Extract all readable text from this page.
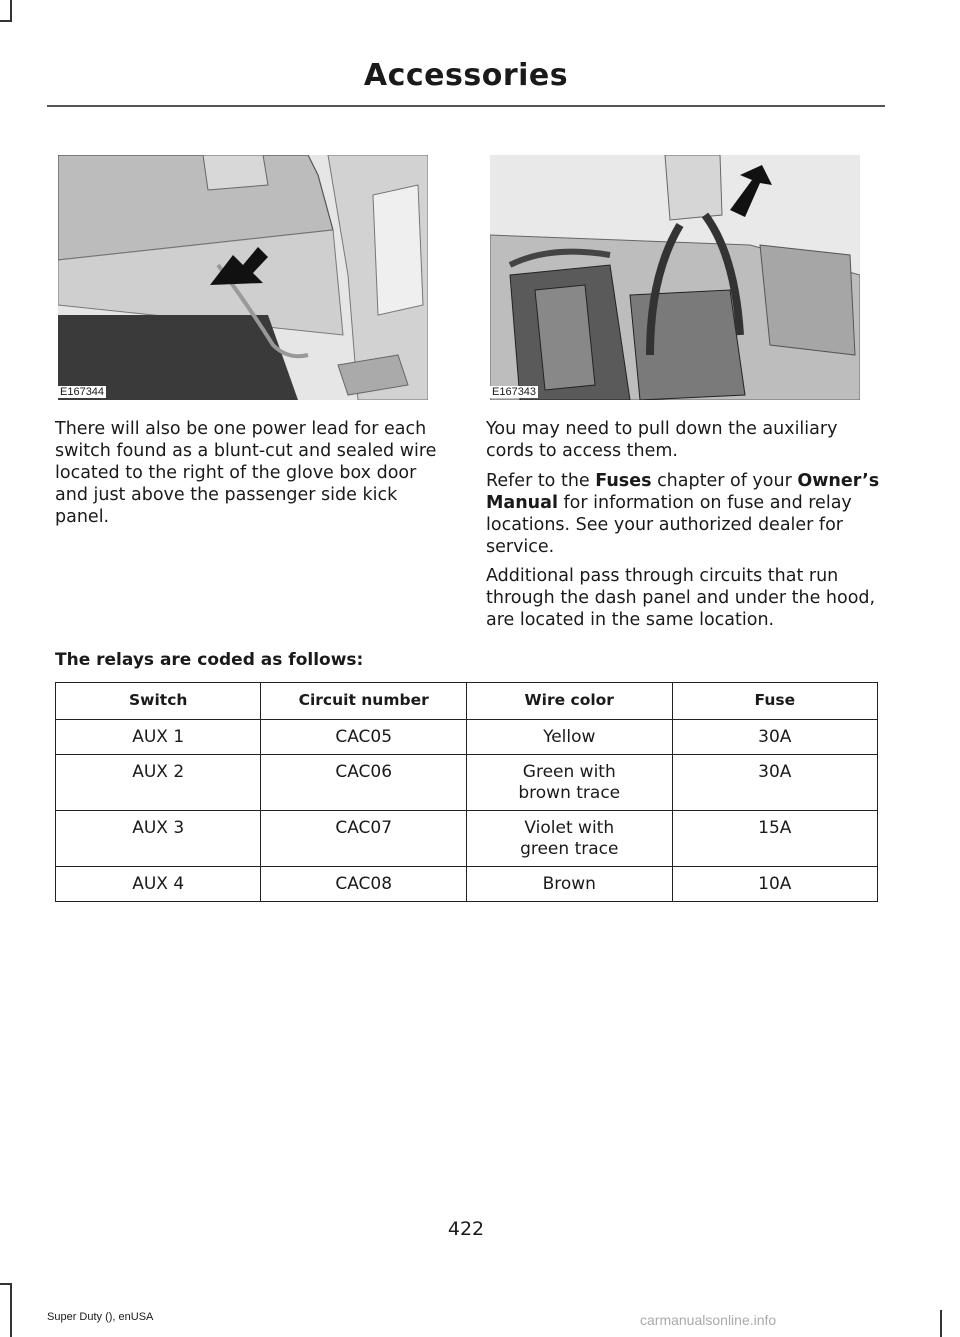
Accessories
E167344	E167343

There will also be one power lead for each switch found as a blunt-cut and sealed wire located to the right of the glove box door and just above the passenger side kick panel.

You may need to pull down the auxiliary cords to access them.

Refer to the Fuses chapter of your Owner’s Manual for information on fuse and relay locations. See your authorized dealer for service.

Additional pass through circuits that run through the dash panel and under the hood, are located in the same location.

The relays are coded as follows:
Switch	Circuit number	Wire color	Fuse
AUX 1	CAC05	Yellow	30A
AUX 2	CAC06	Green with brown trace	30A
AUX 3	CAC07	Violet with green trace	15A
AUX 4	CAC08	Brown	10A
422
Super Duty (), enUSA	carmanualsonline.info
